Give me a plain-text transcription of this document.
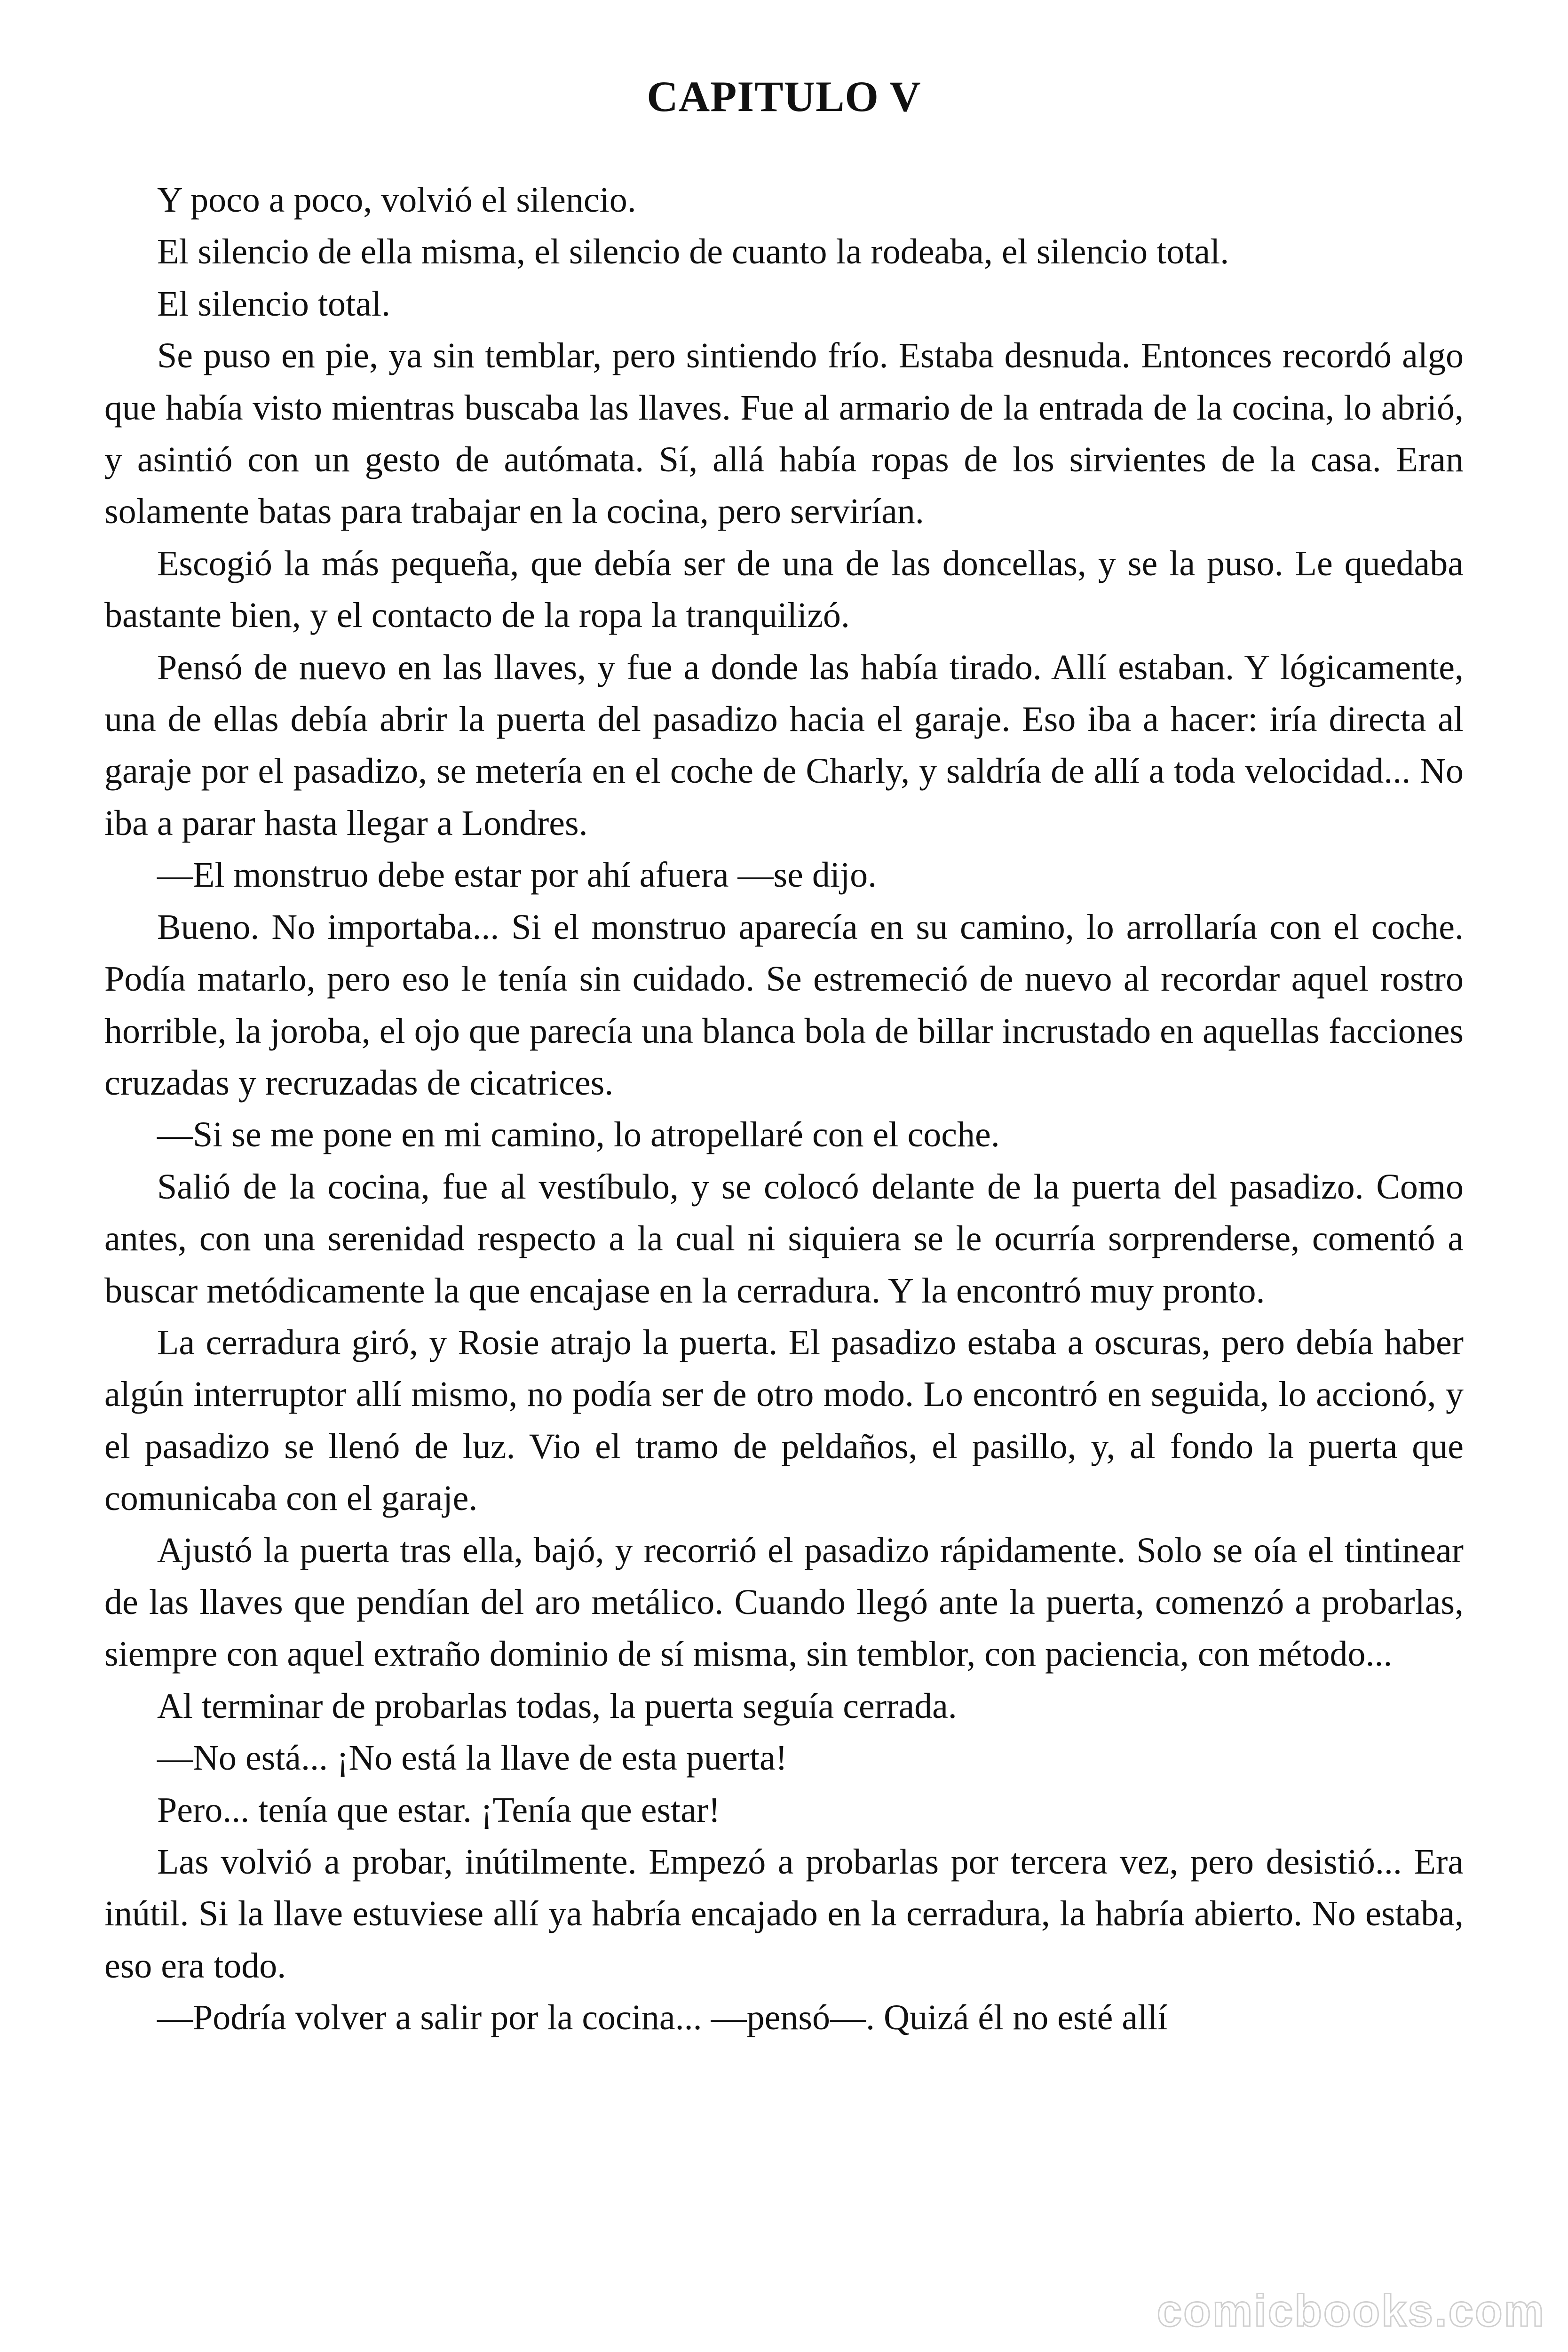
CAPITULO V

Y poco a poco, volvió el silencio.

El silencio de ella misma, el silencio de cuanto la rodeaba, el silencio total.

El silencio total.

Se puso en pie, ya sin temblar, pero sintiendo frío. Estaba desnuda. Entonces recordó algo que había visto mientras buscaba las llaves. Fue al armario de la entrada de la cocina, lo abrió, y asintió con un gesto de autómata. Sí, allá había ropas de los sirvientes de la casa. Eran solamente batas para trabajar en la cocina, pero servirían.

Escogió la más pequeña, que debía ser de una de las doncellas, y se la puso. Le quedaba bastante bien, y el contacto de la ropa la tranquilizó.

Pensó de nuevo en las llaves, y fue a donde las había tirado. Allí estaban. Y lógicamente, una de ellas debía abrir la puerta del pasadizo hacia el garaje. Eso iba a hacer: iría directa al garaje por el pasadizo, se metería en el coche de Charly, y saldría de allí a toda velocidad... No iba a parar hasta llegar a Londres.

—El monstruo debe estar por ahí afuera —se dijo.

Bueno. No importaba... Si el monstruo aparecía en su camino, lo arrollaría con el coche. Podía matarlo, pero eso le tenía sin cuidado. Se estremeció de nuevo al recordar aquel rostro horrible, la joroba, el ojo que parecía una blanca bola de billar incrustado en aquellas facciones cruzadas y recruzadas de cicatrices.

—Si se me pone en mi camino, lo atropellaré con el coche.

Salió de la cocina, fue al vestíbulo, y se colocó delante de la puerta del pasadizo. Como antes, con una serenidad respecto a la cual ni siquiera se le ocurría sorprenderse, comentó a buscar metódicamente la que encajase en la cerradura. Y la encontró muy pronto.

La cerradura giró, y Rosie atrajo la puerta. El pasadizo estaba a oscuras, pero debía haber algún interruptor allí mismo, no podía ser de otro modo. Lo encontró en seguida, lo accionó, y el pasadizo se llenó de luz. Vio el tramo de peldaños, el pasillo, y, al fondo la puerta que comunicaba con el garaje.

Ajustó la puerta tras ella, bajó, y recorrió el pasadizo rápidamente. Solo se oía el tintinear de las llaves que pendían del aro metálico. Cuando llegó ante la puerta, comenzó a probarlas, siempre con aquel extraño dominio de sí misma, sin temblor, con paciencia, con método...

Al terminar de probarlas todas, la puerta seguía cerrada.

—No está... ¡No está la llave de esta puerta!

Pero... tenía que estar. ¡Tenía que estar!

Las volvió a probar, inútilmente. Empezó a probarlas por tercera vez, pero desistió... Era inútil. Si la llave estuviese allí ya habría encajado en la cerradura, la habría abierto. No estaba, eso era todo.

—Podría volver a salir por la cocina... —pensó—. Quizá él no esté allí

comicbooks.com
